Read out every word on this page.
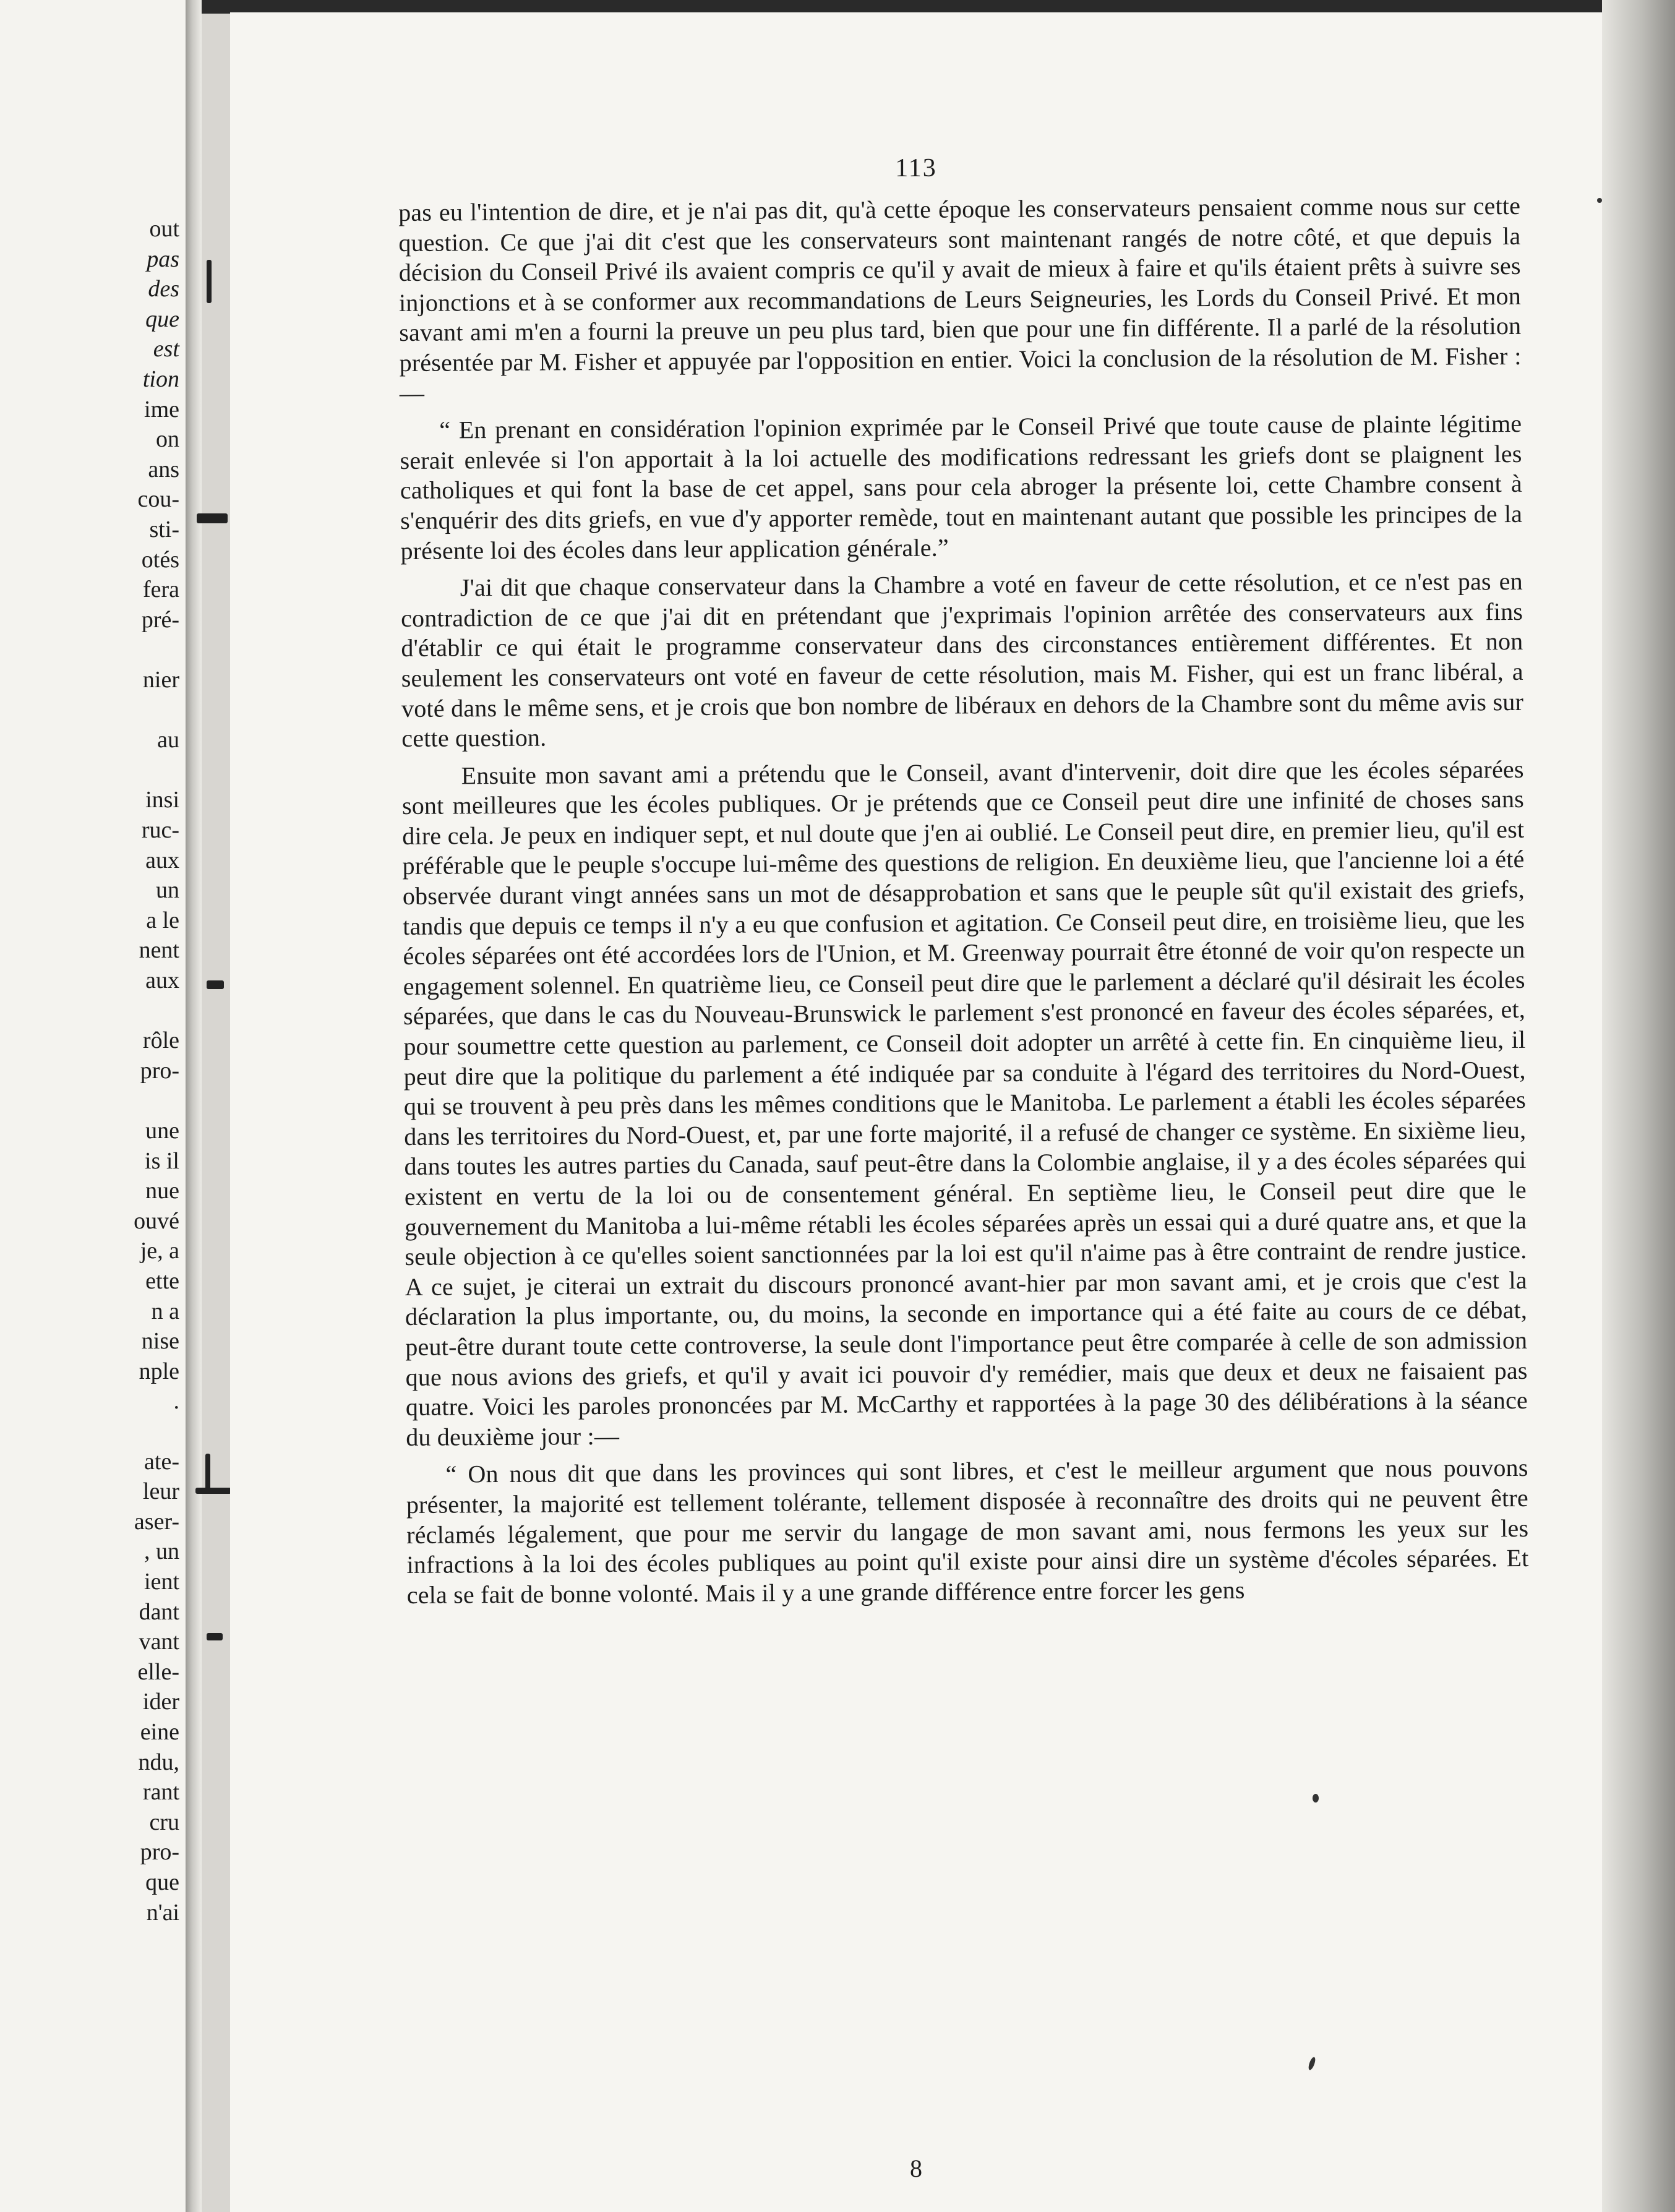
out
pas
des
que
est
tion
ime
on
ans
cou-
sti-
otés
fera
pré-
nier
au
insi
ruc-
aux
un
a le
nent
aux
rôle
pro-
une
is il
nue
ouvé
je, a
ette
n a
nise
nple
.
ate-
leur
aser-
, un
ient
dant
vant
elle-
ider
eine
ndu,
rant
cru
pro-
que
n'ai
113

pas eu l'intention de dire, et je n'ai pas dit, qu'à cette époque les conservateurs pensaient comme nous sur cette question. Ce que j'ai dit c'est que les conservateurs sont maintenant rangés de notre côté, et que depuis la décision du Conseil Privé ils avaient compris ce qu'il y avait de mieux à faire et qu'ils étaient prêts à suivre ses injonctions et à se conformer aux recommandations de Leurs Seigneuries, les Lords du Conseil Privé. Et mon savant ami m'en a fourni la preuve un peu plus tard, bien que pour une fin différente. Il a parlé de la résolution présentée par M. Fisher et appuyée par l'opposition en entier. Voici la conclusion de la résolution de M. Fisher :—

“ En prenant en considération l'opinion exprimée par le Conseil Privé que toute cause de plainte légitime serait enlevée si l'on apportait à la loi actuelle des modifications redressant les griefs dont se plaignent les catholiques et qui font la base de cet appel, sans pour cela abroger la présente loi, cette Chambre consent à s'enquérir des dits griefs, en vue d'y apporter remède, tout en maintenant autant que possible les principes de la présente loi des écoles dans leur application générale.”

J'ai dit que chaque conservateur dans la Chambre a voté en faveur de cette résolution, et ce n'est pas en contradiction de ce que j'ai dit en prétendant que j'exprimais l'opinion arrêtée des conservateurs aux fins d'établir ce qui était le programme conservateur dans des circonstances entièrement différentes. Et non seulement les conservateurs ont voté en faveur de cette résolution, mais M. Fisher, qui est un franc libéral, a voté dans le même sens, et je crois que bon nombre de libéraux en dehors de la Chambre sont du même avis sur cette question.

Ensuite mon savant ami a prétendu que le Conseil, avant d'intervenir, doit dire que les écoles séparées sont meilleures que les écoles publiques. Or je prétends que ce Conseil peut dire une infinité de choses sans dire cela. Je peux en indiquer sept, et nul doute que j'en ai oublié. Le Conseil peut dire, en premier lieu, qu'il est préférable que le peuple s'occupe lui-même des questions de religion. En deuxième lieu, que l'ancienne loi a été observée durant vingt années sans un mot de désapprobation et sans que le peuple sût qu'il existait des griefs, tandis que depuis ce temps il n'y a eu que confusion et agitation. Ce Conseil peut dire, en troisième lieu, que les écoles séparées ont été accordées lors de l'Union, et M. Greenway pourrait être étonné de voir qu'on respecte un engagement solennel. En quatrième lieu, ce Conseil peut dire que le parlement a déclaré qu'il désirait les écoles séparées, que dans le cas du Nouveau-Brunswick le parlement s'est prononcé en faveur des écoles séparées, et, pour soumettre cette question au parlement, ce Conseil doit adopter un arrêté à cette fin. En cinquième lieu, il peut dire que la politique du parlement a été indiquée par sa conduite à l'égard des territoires du Nord-Ouest, qui se trouvent à peu près dans les mêmes conditions que le Manitoba. Le parlement a établi les écoles séparées dans les territoires du Nord-Ouest, et, par une forte majorité, il a refusé de changer ce système. En sixième lieu, dans toutes les autres parties du Canada, sauf peut-être dans la Colombie anglaise, il y a des écoles séparées qui existent en vertu de la loi ou de consentement général. En septième lieu, le Conseil peut dire que le gouvernement du Manitoba a lui-même rétabli les écoles séparées après un essai qui a duré quatre ans, et que la seule objection à ce qu'elles soient sanctionnées par la loi est qu'il n'aime pas à être contraint de rendre justice. A ce sujet, je citerai un extrait du discours prononcé avant-hier par mon savant ami, et je crois que c'est la déclaration la plus importante, ou, du moins, la seconde en importance qui a été faite au cours de ce débat, peut-être durant toute cette controverse, la seule dont l'importance peut être comparée à celle de son admission que nous avions des griefs, et qu'il y avait ici pouvoir d'y remédier, mais que deux et deux ne faisaient pas quatre. Voici les paroles prononcées par M. McCarthy et rapportées à la page 30 des délibérations à la séance du deuxième jour :—

“ On nous dit que dans les provinces qui sont libres, et c'est le meilleur argument que nous pouvons présenter, la majorité est tellement tolérante, tellement disposée à reconnaître des droits qui ne peuvent être réclamés légalement, que pour me servir du langage de mon savant ami, nous fermons les yeux sur les infractions à la loi des écoles publiques au point qu'il existe pour ainsi dire un système d'écoles séparées. Et cela se fait de bonne volonté. Mais il y a une grande différence entre forcer les gens

8
